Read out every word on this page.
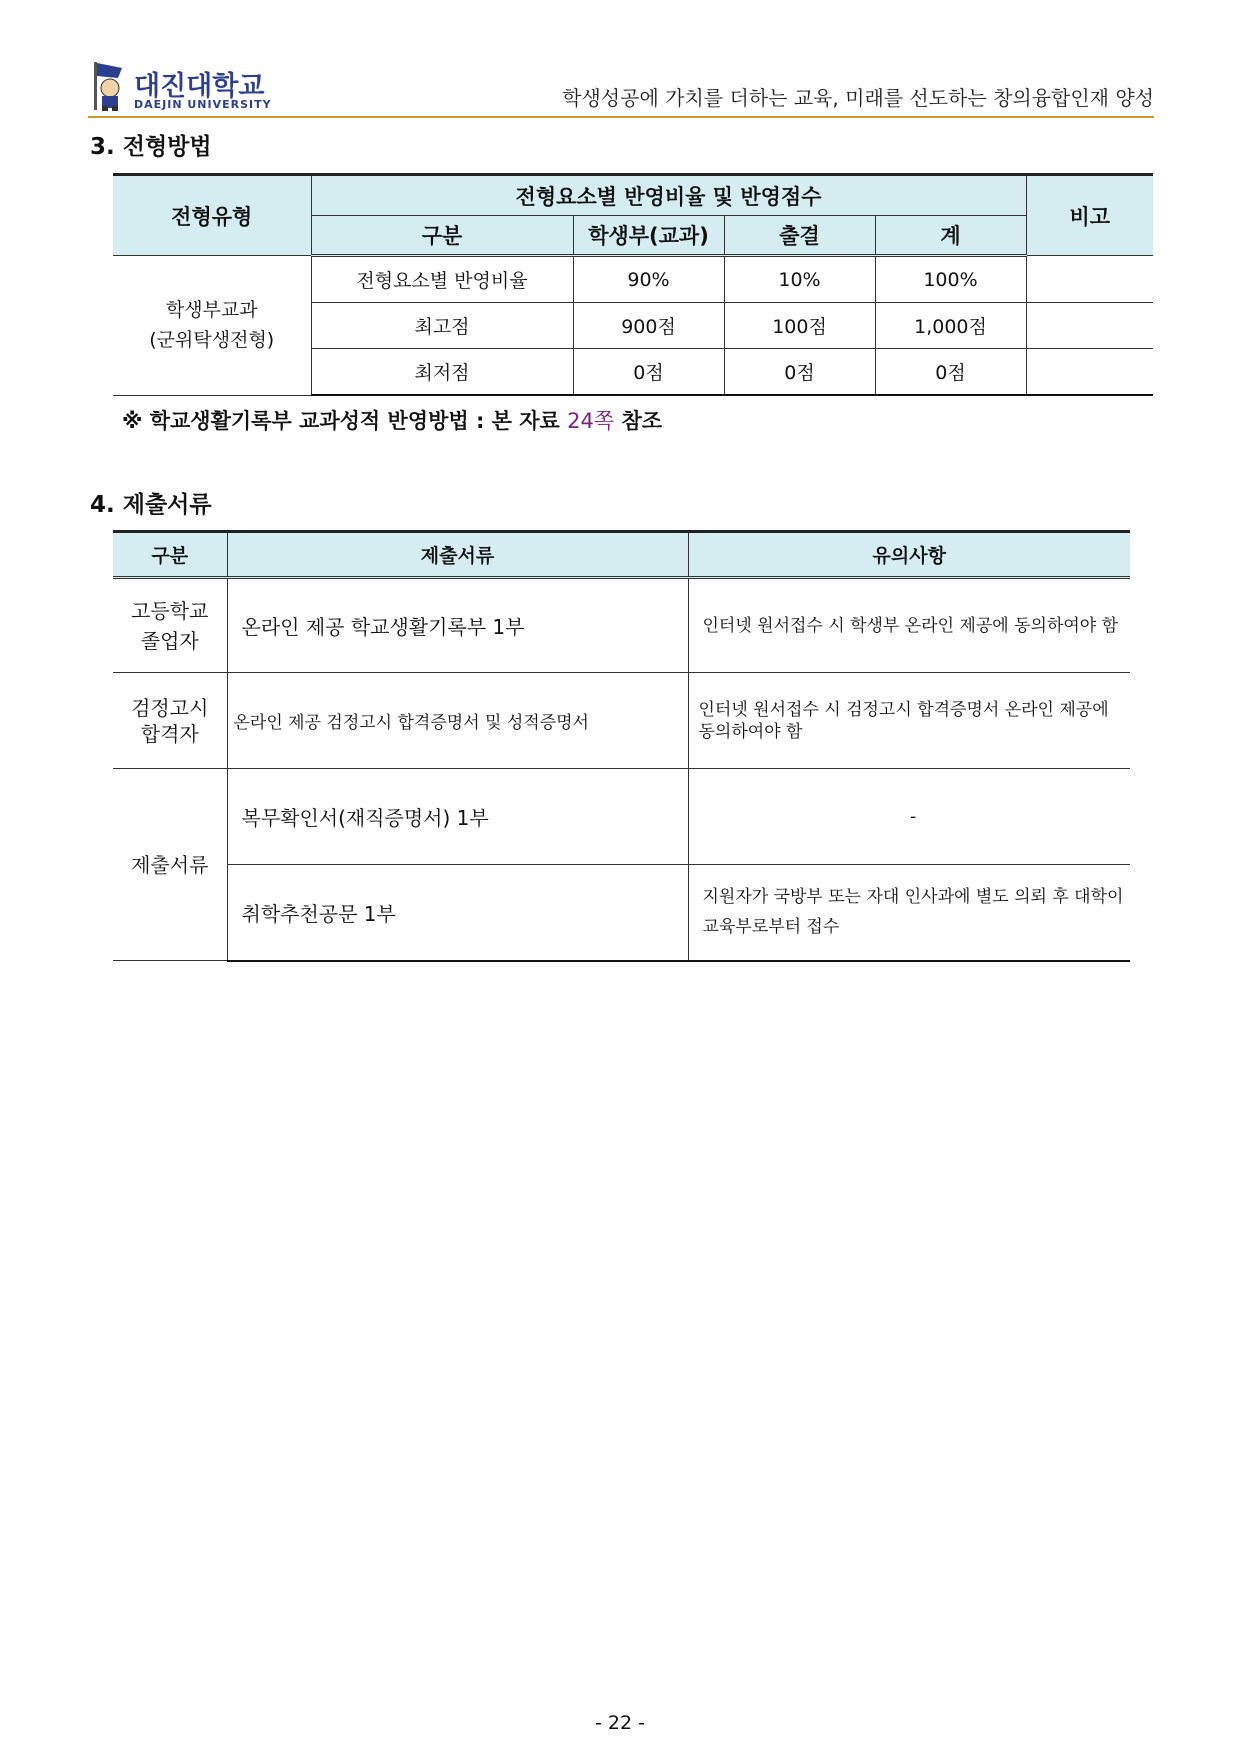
대진대학교
DAEJIN UNIVERSITY	학생성공에 가치를 더하는 교육, 미래를 선도하는 창의융합인재 양성
3. 전형방법
전형유형	전형요소별 반영비율 및 반영점수				비고
	구분	학생부(교과)	출결	계	
학생부교과
(군위탁생전형)	전형요소별 반영비율	90%	10%	100%	
	최고점	900점	100점	1,000점	
	최저점	0점	0점	0점	
※ 학교생활기록부 교과성적 반영방법 : 본 자료 24쪽 참조
4. 제출서류
구분	제출서류	유의사항
고등학교
졸업자	온라인 제공 학교생활기록부 1부	인터넷 원서접수 시 학생부 온라인 제공에 동의하여야 함
검정고시
합격자	온라인 제공 검정고시 합격증명서 및 성적증명서	인터넷 원서접수 시 검정고시 합격증명서 온라인 제공에 동의하여야 함
제출서류	복무확인서(재직증명서) 1부	-
	취학추천공문 1부	지원자가 국방부 또는 자대 인사과에 별도 의뢰 후 대학이 교육부로부터 접수
- 22 -
